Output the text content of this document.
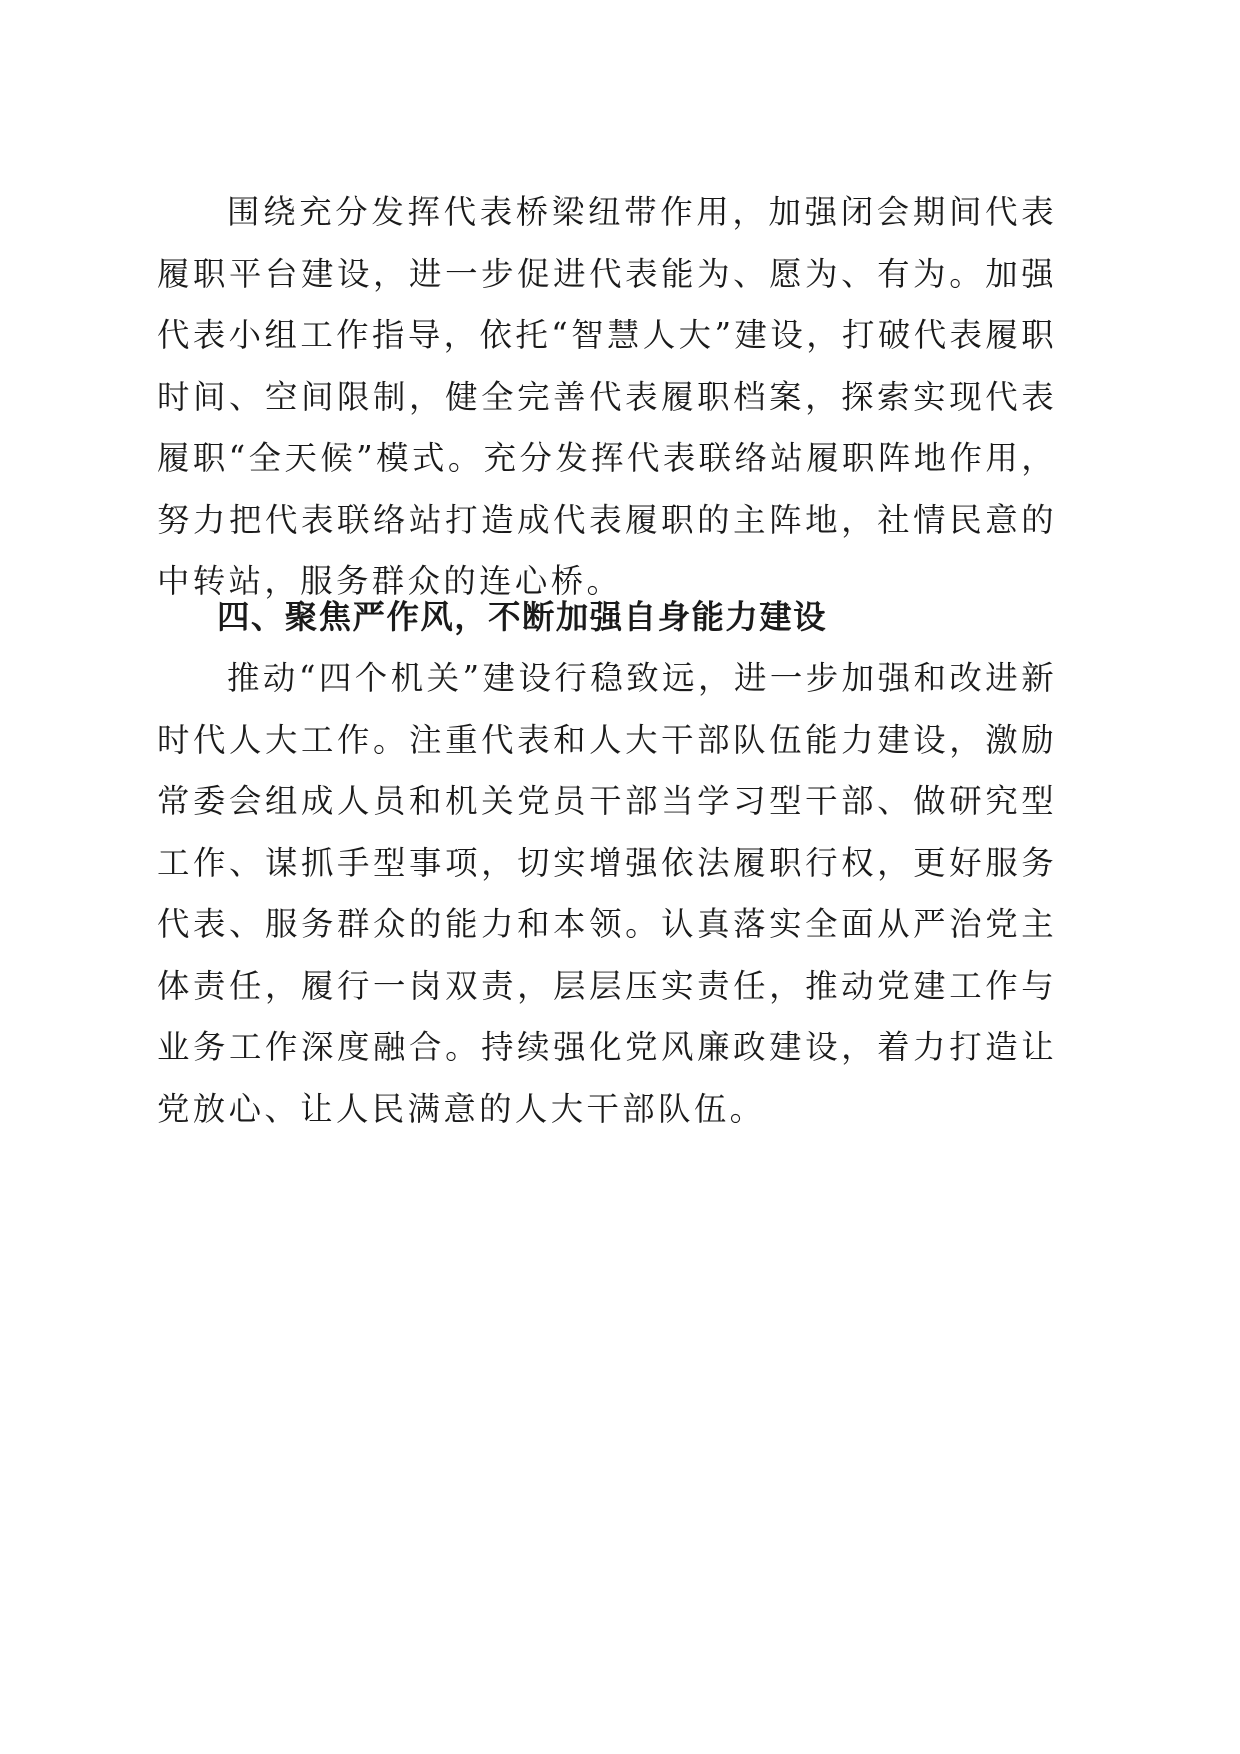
围绕充分发挥代表桥梁纽带作用，加强闭会期间代表履职平台建设，进一步促进代表能为、愿为、有为。加强代表小组工作指导，依托“智慧人大”建设，打破代表履职时间、空间限制，健全完善代表履职档案，探索实现代表履职“全天候”模式。充分发挥代表联络站履职阵地作用，努力把代表联络站打造成代表履职的主阵地，社情民意的中转站，服务群众的连心桥。

四、聚焦严作风，不断加强自身能力建设

推动“四个机关”建设行稳致远，进一步加强和改进新时代人大工作。注重代表和人大干部队伍能力建设，激励常委会组成人员和机关党员干部当学习型干部、做研究型工作、谋抓手型事项，切实增强依法履职行权，更好服务代表、服务群众的能力和本领。认真落实全面从严治党主体责任，履行一岗双责，层层压实责任，推动党建工作与业务工作深度融合。持续强化党风廉政建设，着力打造让党放心、让人民满意的人大干部队伍。
